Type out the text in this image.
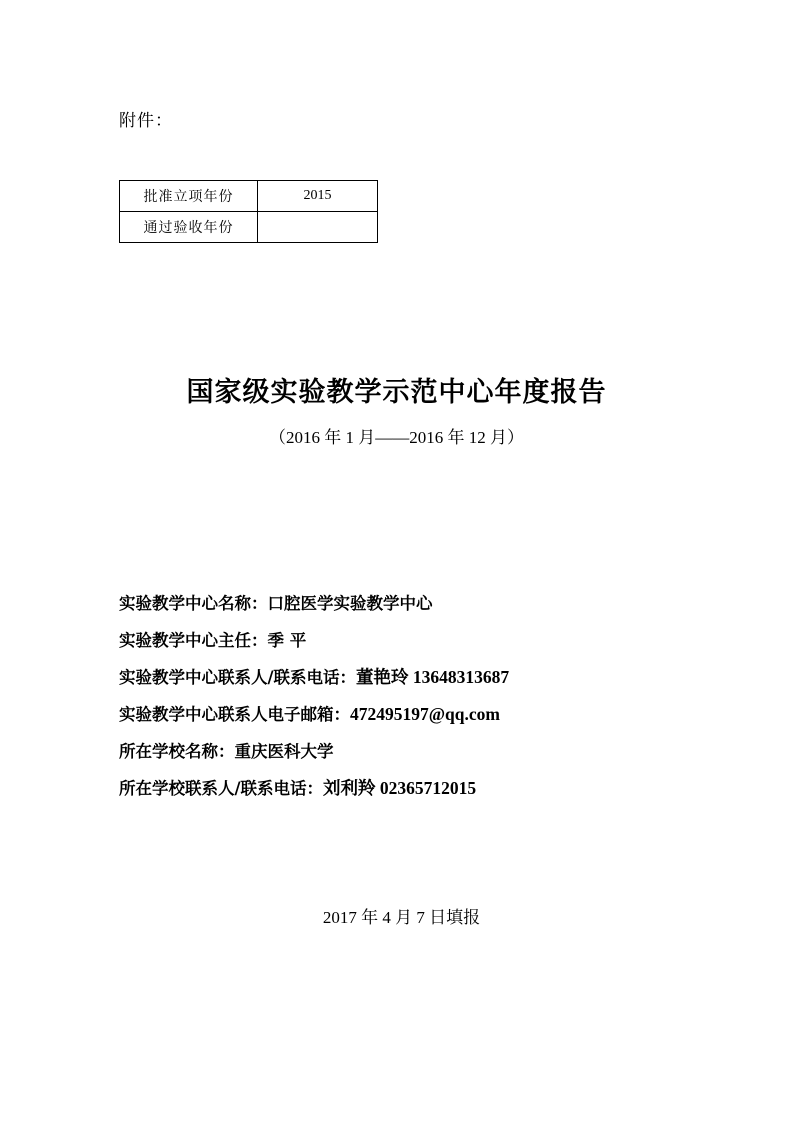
附件：
批准立项年份	2015
通过验收年份	
国家级实验教学示范中心年度报告
（2016 年 1 月——2016 年 12 月）
实验教学中心名称：口腔医学实验教学中心
实验教学中心主任：季 平
实验教学中心联系人/联系电话：董艳玲 13648313687
实验教学中心联系人电子邮箱：472495197@qq.com
所在学校名称：重庆医科大学
所在学校联系人/联系电话：刘利羚 02365712015
2017 年 4 月 7 日填报
